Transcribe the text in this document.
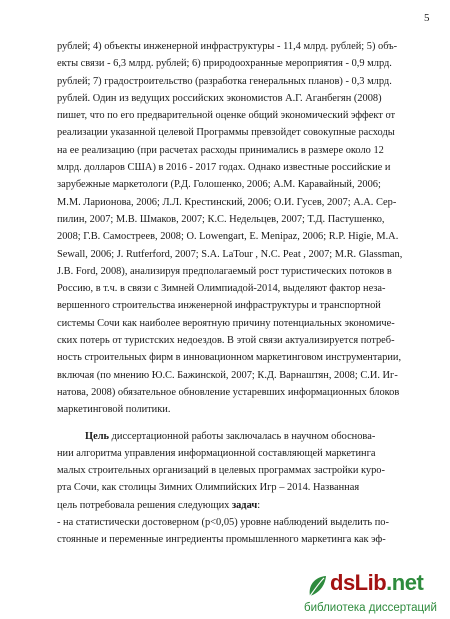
5
рублей; 4) объекты инженерной инфраструктуры - 11,4 млрд. рублей; 5) объ-
екты связи - 6,3 млрд. рублей; 6) природоохранные мероприятия - 0,9 млрд.
рублей; 7) градостроительство (разработка генеральных планов) - 0,3 млрд.
рублей. Один из ведущих российских экономистов А.Г. Аганбегян (2008)
пишет, что по его предварительной оценке общий экономический эффект от
реализации указанной целевой Программы превзойдет совокупные расходы
на ее реализацию (при расчетах расходы принимались в размере около 12
млрд. долларов США) в 2016 - 2017 годах. Однако известные российские и
зарубежные маркетологи (Р.Д. Голошенко, 2006; А.М. Каравайный, 2006;
М.М. Ларионова, 2006; Л.Л. Крестинский, 2006; О.И. Гусев, 2007; А.А. Сер-
пилин, 2007; М.В. Шмаков, 2007; К.С. Недельцев, 2007; Т.Д. Пастушенко,
2008; Г.В. Самостреев, 2008; O. Lowengart, E. Menipaz, 2006; R.P. Higie, M.A.
Sewall, 2006; J. Rutferford, 2007; S.A. LaTour , N.C. Peat , 2007; M.R. Glassman,
J.B. Ford, 2008), анализируя предполагаемый рост туристических потоков в
Россию, в т.ч. в связи с Зимней Олимпиадой-2014, выделяют фактор неза-
вершенного строительства инженерной инфраструктуры и транспортной
системы Сочи как наиболее вероятную причину потенциальных экономиче-
ских потерь от туристских недоездов. В этой связи актуализируется потреб-
ность строительных фирм в инновационном маркетинговом инструментарии,
включая (по мнению Ю.С. Бажинской, 2007; К.Д. Варнаштян, 2008; С.И. Иг-
натова, 2008) обязательное обновление устаревших информационных блоков
маркетинговой политики.
Цель диссертационной работы заключалась в научном обоснова-
нии алгоритма управления информационной составляющей маркетинга
малых строительных организаций в целевых программах застройки куро-
рта Сочи, как столицы Зимних Олимпийских Игр – 2014. Названная
цель потребовала решения следующих задач:
- на статистически достоверном (р<0,05) уровне наблюдений выделить по-
стоянные и переменные ингредиенты промышленного маркетинга как эф-
dsLib.net
библиотека диссертаций
